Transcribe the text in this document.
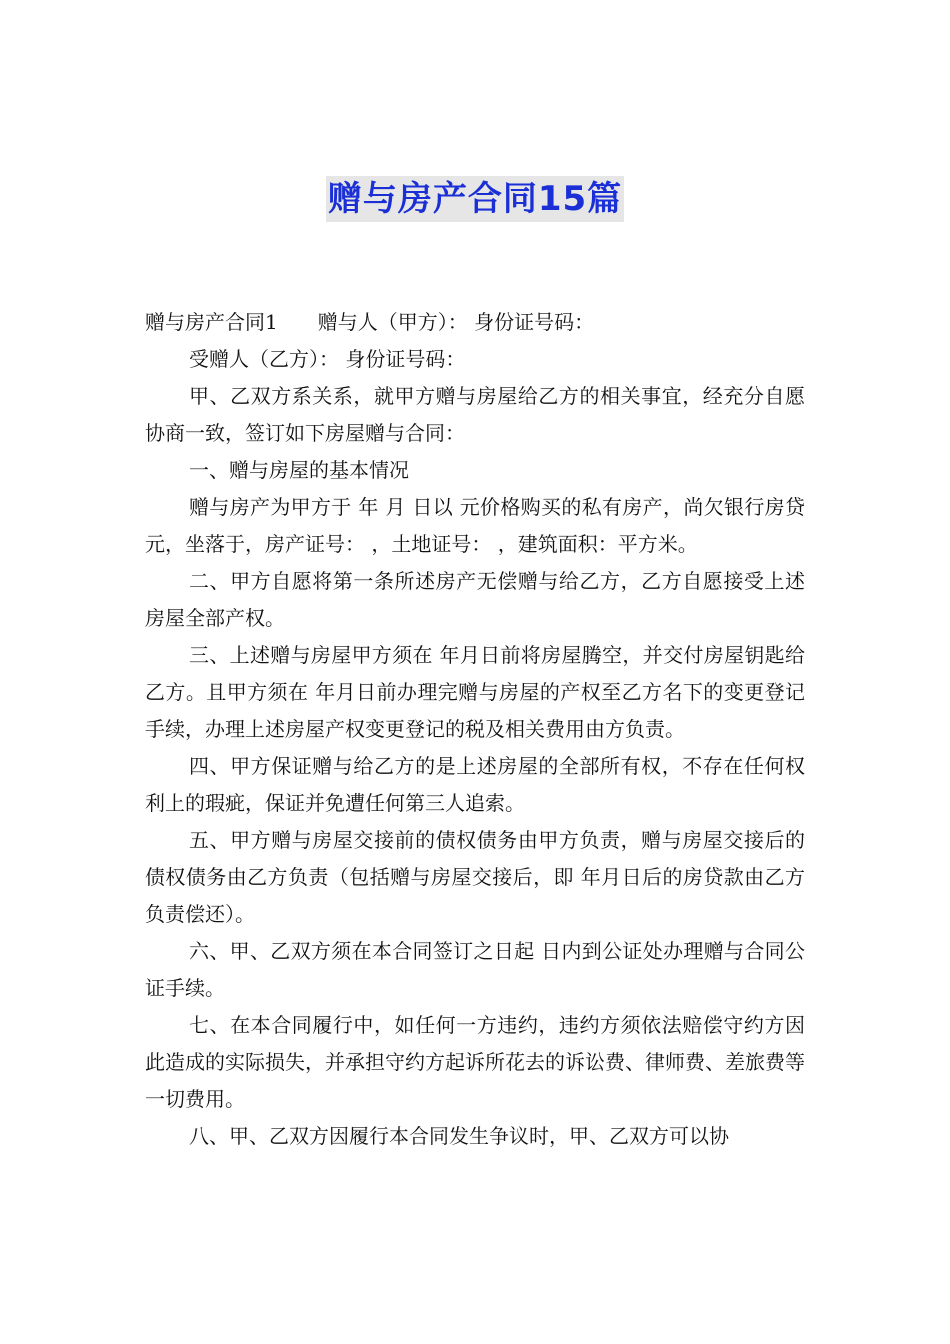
赠与房产合同15篇

赠与房产合同1 赠与人（甲方）： 身份证号码：

受赠人（乙方）： 身份证号码：

甲、乙双方系关系，就甲方赠与房屋给乙方的相关事宜，经充分自愿协商一致，签订如下房屋赠与合同：

一、赠与房屋的基本情况

赠与房产为甲方于 年 月 日以 元价格购买的私有房产，尚欠银行房贷 元，坐落于，房产证号： ，土地证号： ，建筑面积：平方米。

二、甲方自愿将第一条所述房产无偿赠与给乙方，乙方自愿接受上述房屋全部产权。

三、上述赠与房屋甲方须在 年月日前将房屋腾空，并交付房屋钥匙给乙方。且甲方须在 年月日前办理完赠与房屋的产权至乙方名下的变更登记手续，办理上述房屋产权变更登记的税及相关费用由方负责。

四、甲方保证赠与给乙方的是上述房屋的全部所有权，不存在任何权利上的瑕疵，保证并免遭任何第三人追索。

五、甲方赠与房屋交接前的债权债务由甲方负责，赠与房屋交接后的债权债务由乙方负责（包括赠与房屋交接后，即 年月日后的房贷款由乙方负责偿还）。

六、甲、乙双方须在本合同签订之日起 日内到公证处办理赠与合同公证手续。

七、在本合同履行中，如任何一方违约，违约方须依法赔偿守约方因此造成的实际损失，并承担守约方起诉所花去的诉讼费、律师费、差旅费等一切费用。

八、甲、乙双方因履行本合同发生争议时，甲、乙双方可以协
